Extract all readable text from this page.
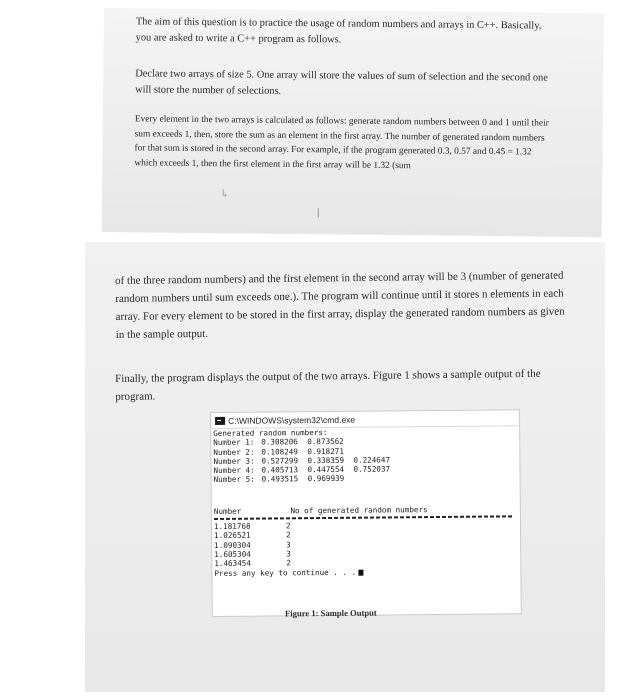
The aim of this question is to practice the usage of random numbers and arrays in C++. Basically, you are asked to write a C++ program as follows.

Declare two arrays of size 5. One array will store the values of sum of selection and the second one will store the number of selections.

Every element in the two arrays is calculated as follows: generate random numbers between 0 and 1 until their sum exceeds 1, then, store the sum as an element in the first array. The number of generated random numbers for that sum is stored in the second array. For example, if the program generated 0.3, 0.57 and 0.45 = 1.32 which exceeds 1, then the first element in the first array will be 1.32 (sum

↳

of the three random numbers) and the first element in the second array will be 3 (number of generated random numbers until sum exceeds one.). The program will continue until it stores n elements in each array. For every element to be stored in the first array, display the generated random numbers as given in the sample output.

Finally, the program displays the output of the two arrays. Figure 1 shows a sample output of the program.

C:\WINDOWS\system32\cmd.exe
Generated random numbers:
Number 1: 0.308206 0.873562
Number 2: 0.108249 0.918271
Number 3: 0.527299 0.338359 0.224647
Number 4: 0.405713 0.447554 0.752037
Number 5: 0.493515 0.969939
Number	No of generated random numbers
1.181768	2
1.026521	2
1.090304	3
1.605304	3
1.463454	2
Press any key to continue . . .
Figure 1: Sample Output
